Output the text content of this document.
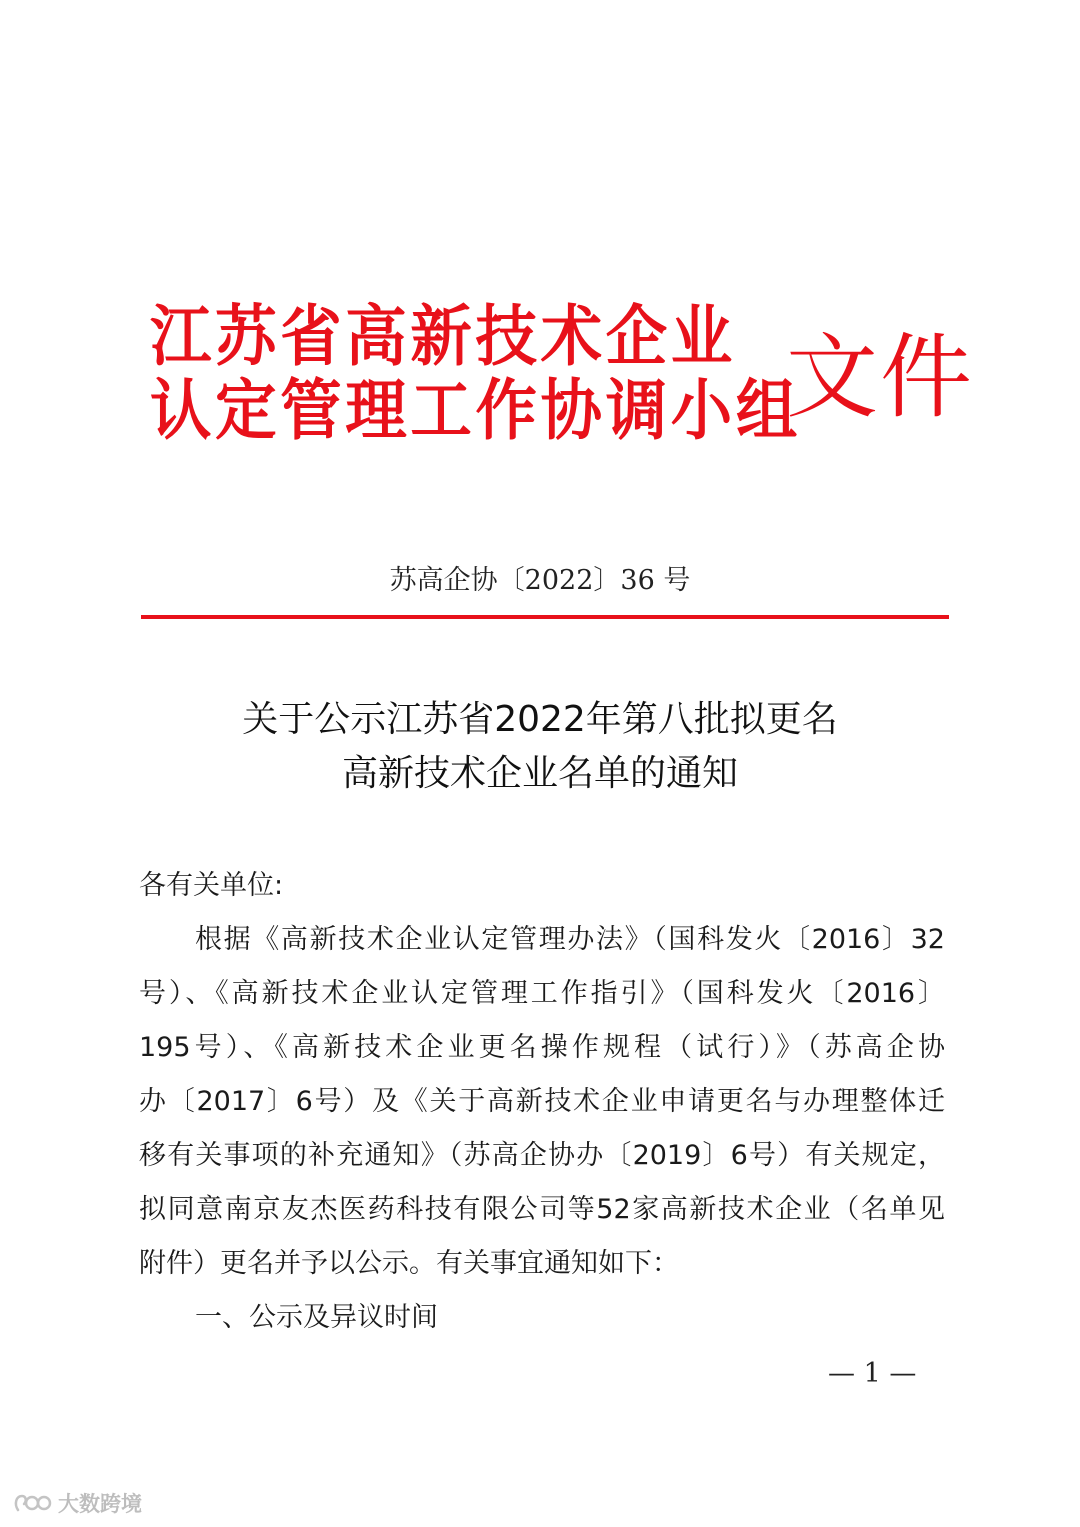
江苏省高新技术企业
认定管理工作协调小组
文件
苏高企协〔2022〕36 号
关于公示江苏省2022年第八批拟更名
高新技术企业名单的通知
各有关单位:
根据《高新技术企业认定管理办法》（国科发火〔2016〕32
号）、《高新技术企业认定管理工作指引》（国科发火〔2016〕
195号）、《高新技术企业更名操作规程（试行）》（苏高企协
办〔2017〕6号）及《关于高新技术企业申请更名与办理整体迁
移有关事项的补充通知》（苏高企协办〔2019〕6号）有关规定，
拟同意南京友杰医药科技有限公司等52家高新技术企业（名单见
附件）更名并予以公示。有关事宜通知如下：
一、公示及异议时间
— 1 —
大数跨境
